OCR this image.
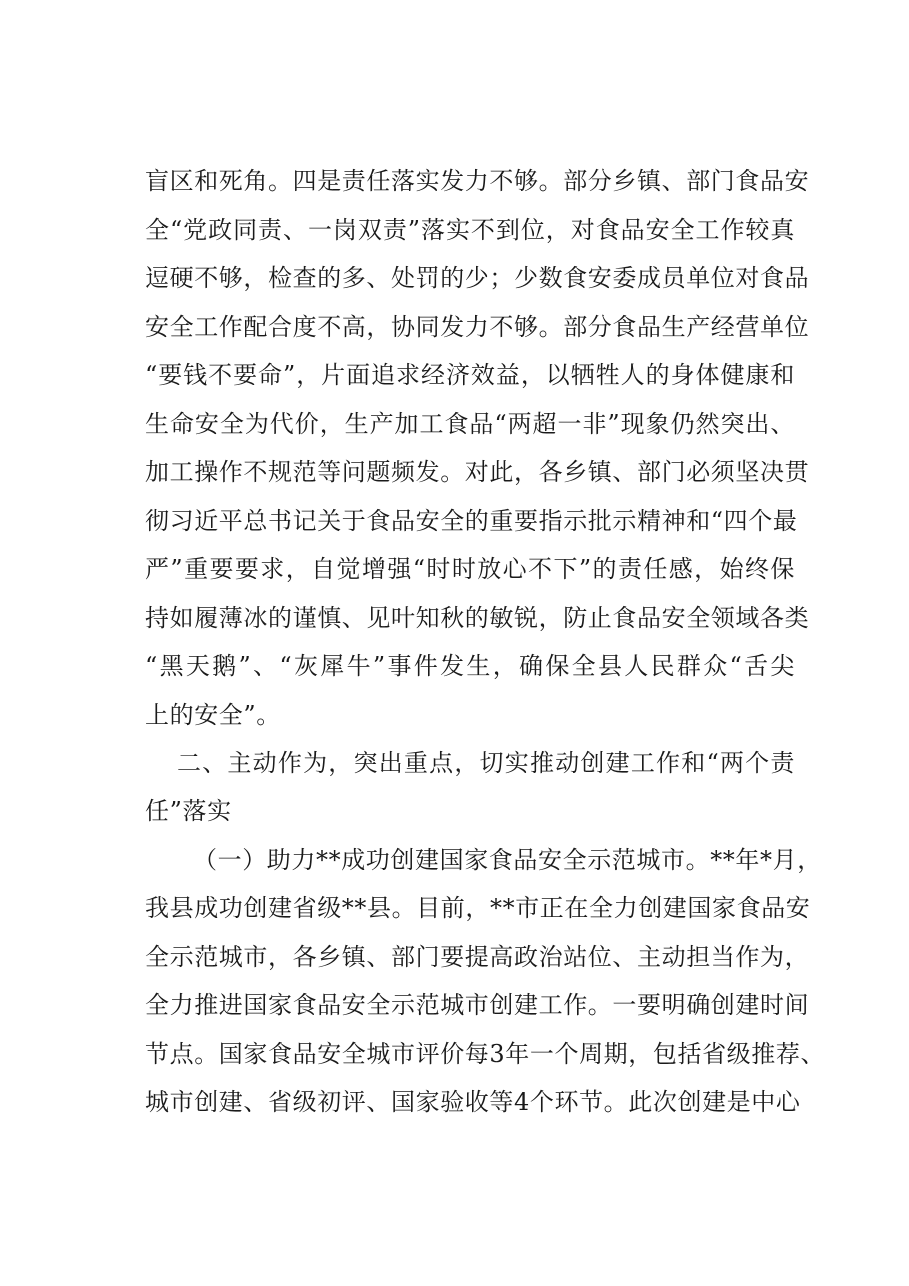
盲区和死角。四是责任落实发力不够。部分乡镇、部门食品安
全“党政同责、一岗双责”落实不到位，对食品安全工作较真
逗硬不够，检查的多、处罚的少；少数食安委成员单位对食品
安全工作配合度不高，协同发力不够。部分食品生产经营单位
“要钱不要命”，片面追求经济效益，以牺牲人的身体健康和
生命安全为代价，生产加工食品“两超一非”现象仍然突出、
加工操作不规范等问题频发。对此，各乡镇、部门必须坚决贯
彻习近平总书记关于食品安全的重要指示批示精神和“四个最
严”重要要求，自觉增强“时时放心不下”的责任感，始终保
持如履薄冰的谨慎、见叶知秋的敏锐，防止食品安全领域各类
“黑天鹅”、“灰犀牛”事件发生，确保全县人民群众“舌尖
上的安全”。
二、主动作为，突出重点，切实推动创建工作和“两个责
任”落实
（一）助力**成功创建国家食品安全示范城市。**年*月，
我县成功创建省级**县。目前，**市正在全力创建国家食品安
全示范城市，各乡镇、部门要提高政治站位、主动担当作为，
全力推进国家食品安全示范城市创建工作。一要明确创建时间
节点。国家食品安全城市评价每3年一个周期，包括省级推荐、
城市创建、省级初评、国家验收等4个环节。此次创建是中心
